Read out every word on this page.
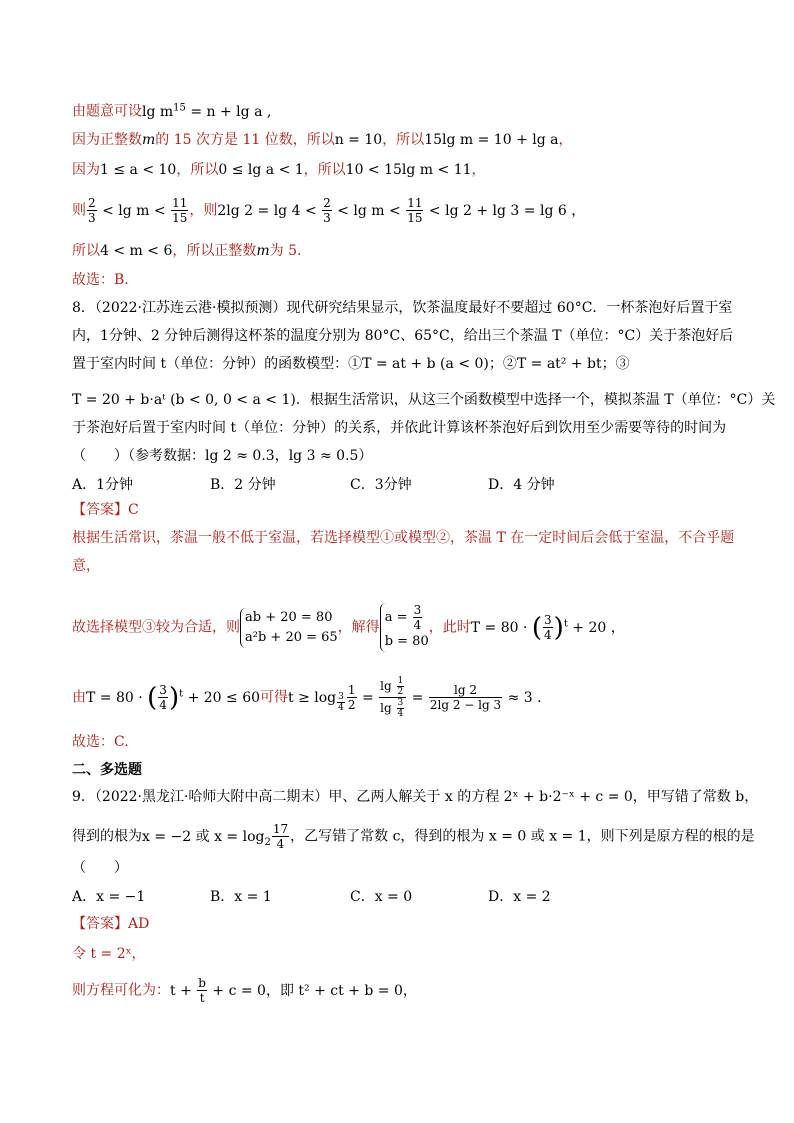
由题意可设$\lg m^{15} = n + \lg a$ ,
因为正整数m的 15 次方是 11 位数，所以n = 10，所以15lg m = 10 + lg a，
因为1 ≤ a < 10，所以0 ≤ lg a < 1，所以10 < 15lg m < 11，
则 $\frac{2}{3} < \lg m < \frac{11}{15}$ ，则2lg $2 = \lg 4 < \frac{2}{3} < \lg m < \frac{11}{15} < \lg 2 + \lg 3 = \lg 6$ ，
所以4 < m < 6，所以正整数m为 5.
故选：B.
8．（2022·江苏连云港·模拟预测）现代研究结果显示，饮茶温度最好不要超过 60°C．一杯茶泡好后置于室
内，1分钟、2 分钟后测得这杯茶的温度分别为 80°C、65°C，给出三个茶温 T（单位：°C）关于茶泡好后
置于室内时间 t（单位：分钟）的函数模型：①T = at + b (a < 0)；②T = at² + bt；③
T = 20 + b·aᵗ (b < 0, 0 < a < 1)．根据生活常识，从这三个函数模型中选择一个，模拟茶温 T（单位：°C）关
于茶泡好后置于室内时间 t（单位：分钟）的关系，并依此计算该杯茶泡好后到饮用至少需要等待的时间为
（　　）（参考数据：lg 2 ≈ 0.3，lg 3 ≈ 0.5）
A．1分钟	B．2 分钟	C．3分钟	D．4 分钟
【答案】C
根据生活常识，茶温一般不低于室温，若选择模型①或模型②，茶温 T 在一定时间后会低于室温，不合乎题
意，
故选择模型③较为合适，则
ab + 20 = 80
a²b + 20 = 65
，解得
$a = \frac{3}{4}$
b = 80
，此时T = 80 · ( $\frac{3}{4} )^t + 20$ ，
由T = 80 · ( $\frac{3}{4} )^t + 20 \le 60$可得$t \ge \log _{\frac{3}{4}} \frac{1}{2} = \frac{\lg \frac{1}{2}}{\lg \frac{3}{4}} = \frac{\lg 2}{2\lg 2 - \lg 3} \approx 3$ .
故选：C.
二、多选题
9．（2022·黑龙江·哈师大附中高二期末）甲、乙两人解关于 x 的方程 2ˣ + b·2⁻ˣ + c = 0，甲写错了常数 b，
得到的根为x = −2 或 $x = \log_2 \frac{17}{4}$ ，乙写错了常数 c，得到的根为 x = 0 或 x = 1，则下列是原方程的根的是
（　　）
A．x = −1	B．x = 1	C．x = 0	D．x = 2
【答案】AD
令 t = 2ˣ，
则方程可化为：$t + \frac{b}{t} + c = 0$，即 t² + ct + b = 0，
